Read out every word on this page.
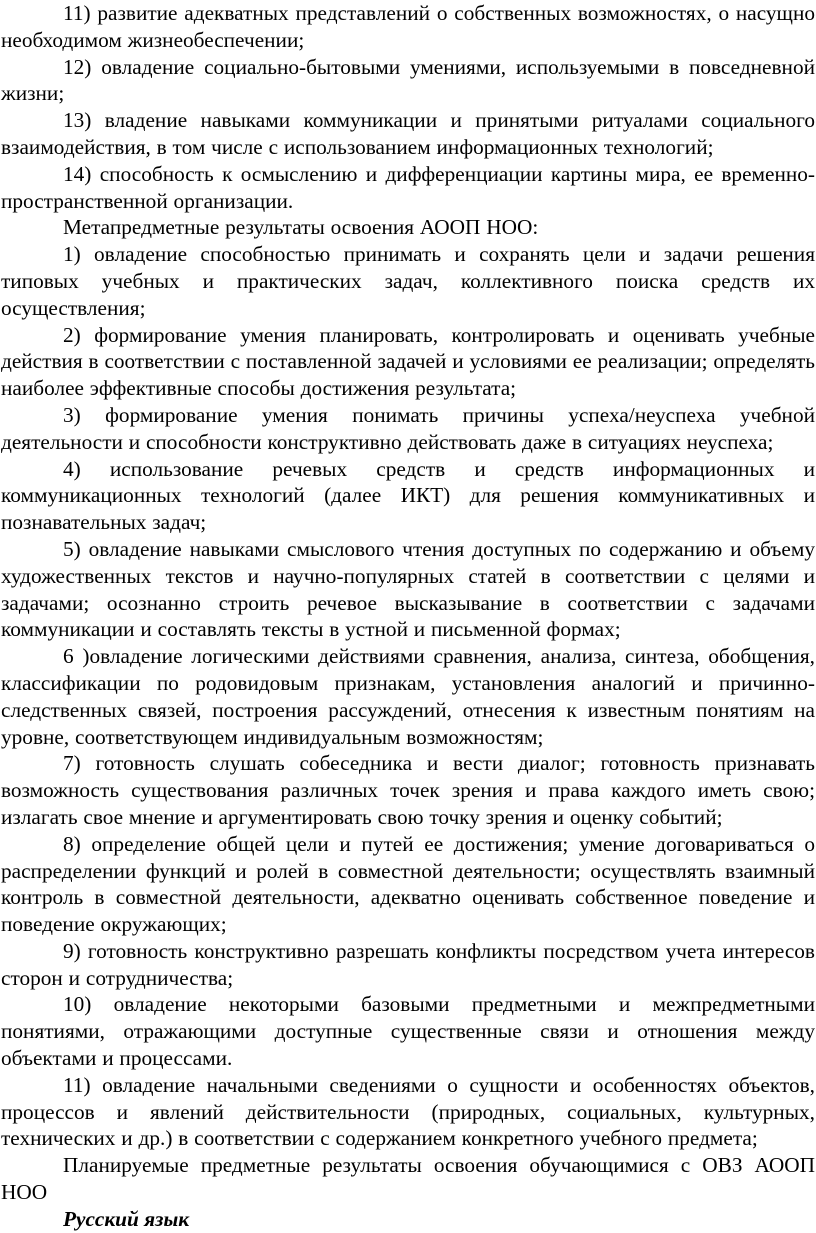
11) развитие адекватных представлений о собственных возможностях, о насущно необходимом жизнеобеспечении;

12) овладение социально-бытовыми умениями, используемыми в повседневной жизни;

13) владение навыками коммуникации и принятыми ритуалами социального взаимодействия, в том числе с использованием информационных технологий;

14) способность к осмыслению и дифференциации картины мира, ее временно-пространственной организации.

Метапредметные результаты освоения АООП НОО:

1) овладение способностью принимать и сохранять цели и задачи решения типовых учебных и практических задач, коллективного поиска средств их осуществления;

2) формирование умения планировать, контролировать и оценивать учебные действия в соответствии с поставленной задачей и условиями ее реализации; определять наиболее эффективные способы достижения результата;

3) формирование умения понимать причины успеха/неуспеха учебной деятельности и способности конструктивно действовать даже в ситуациях неуспеха;

4) использование речевых средств и средств информационных и коммуникационных технологий (далее ИКТ) для решения коммуникативных и познавательных задач;

5) овладение навыками смыслового чтения доступных по содержанию и объему художественных текстов и научно-популярных статей в соответствии с целями и задачами; осознанно строить речевое высказывание в соответствии с задачами коммуникации и составлять тексты в устной и письменной формах;

6 )овладение логическими действиями сравнения, анализа, синтеза, обобщения, классификации по родовидовым признакам, установления аналогий и причинно-следственных связей, построения рассуждений, отнесения к известным понятиям на уровне, соответствующем индивидуальным возможностям;

7) готовность слушать собеседника и вести диалог; готовность признавать возможность существования различных точек зрения и права каждого иметь свою; излагать свое мнение и аргументировать свою точку зрения и оценку событий;

8) определение общей цели и путей ее достижения; умение договариваться о распределении функций и ролей в совместной деятельности; осуществлять взаимный контроль в совместной деятельности, адекватно оценивать собственное поведение и поведение окружающих;

9) готовность конструктивно разрешать конфликты посредством учета интересов сторон и сотрудничества;

10) овладение некоторыми базовыми предметными и межпредметными понятиями, отражающими доступные существенные связи и отношения между объектами и процессами.

11) овладение начальными сведениями о сущности и особенностях объектов, процессов и явлений действительности (природных, социальных, культурных, технических и др.) в соответствии с содержанием конкретного учебного предмета;

Планируемые предметные результаты освоения обучающимися с ОВЗ АООП НОО

Русский язык
